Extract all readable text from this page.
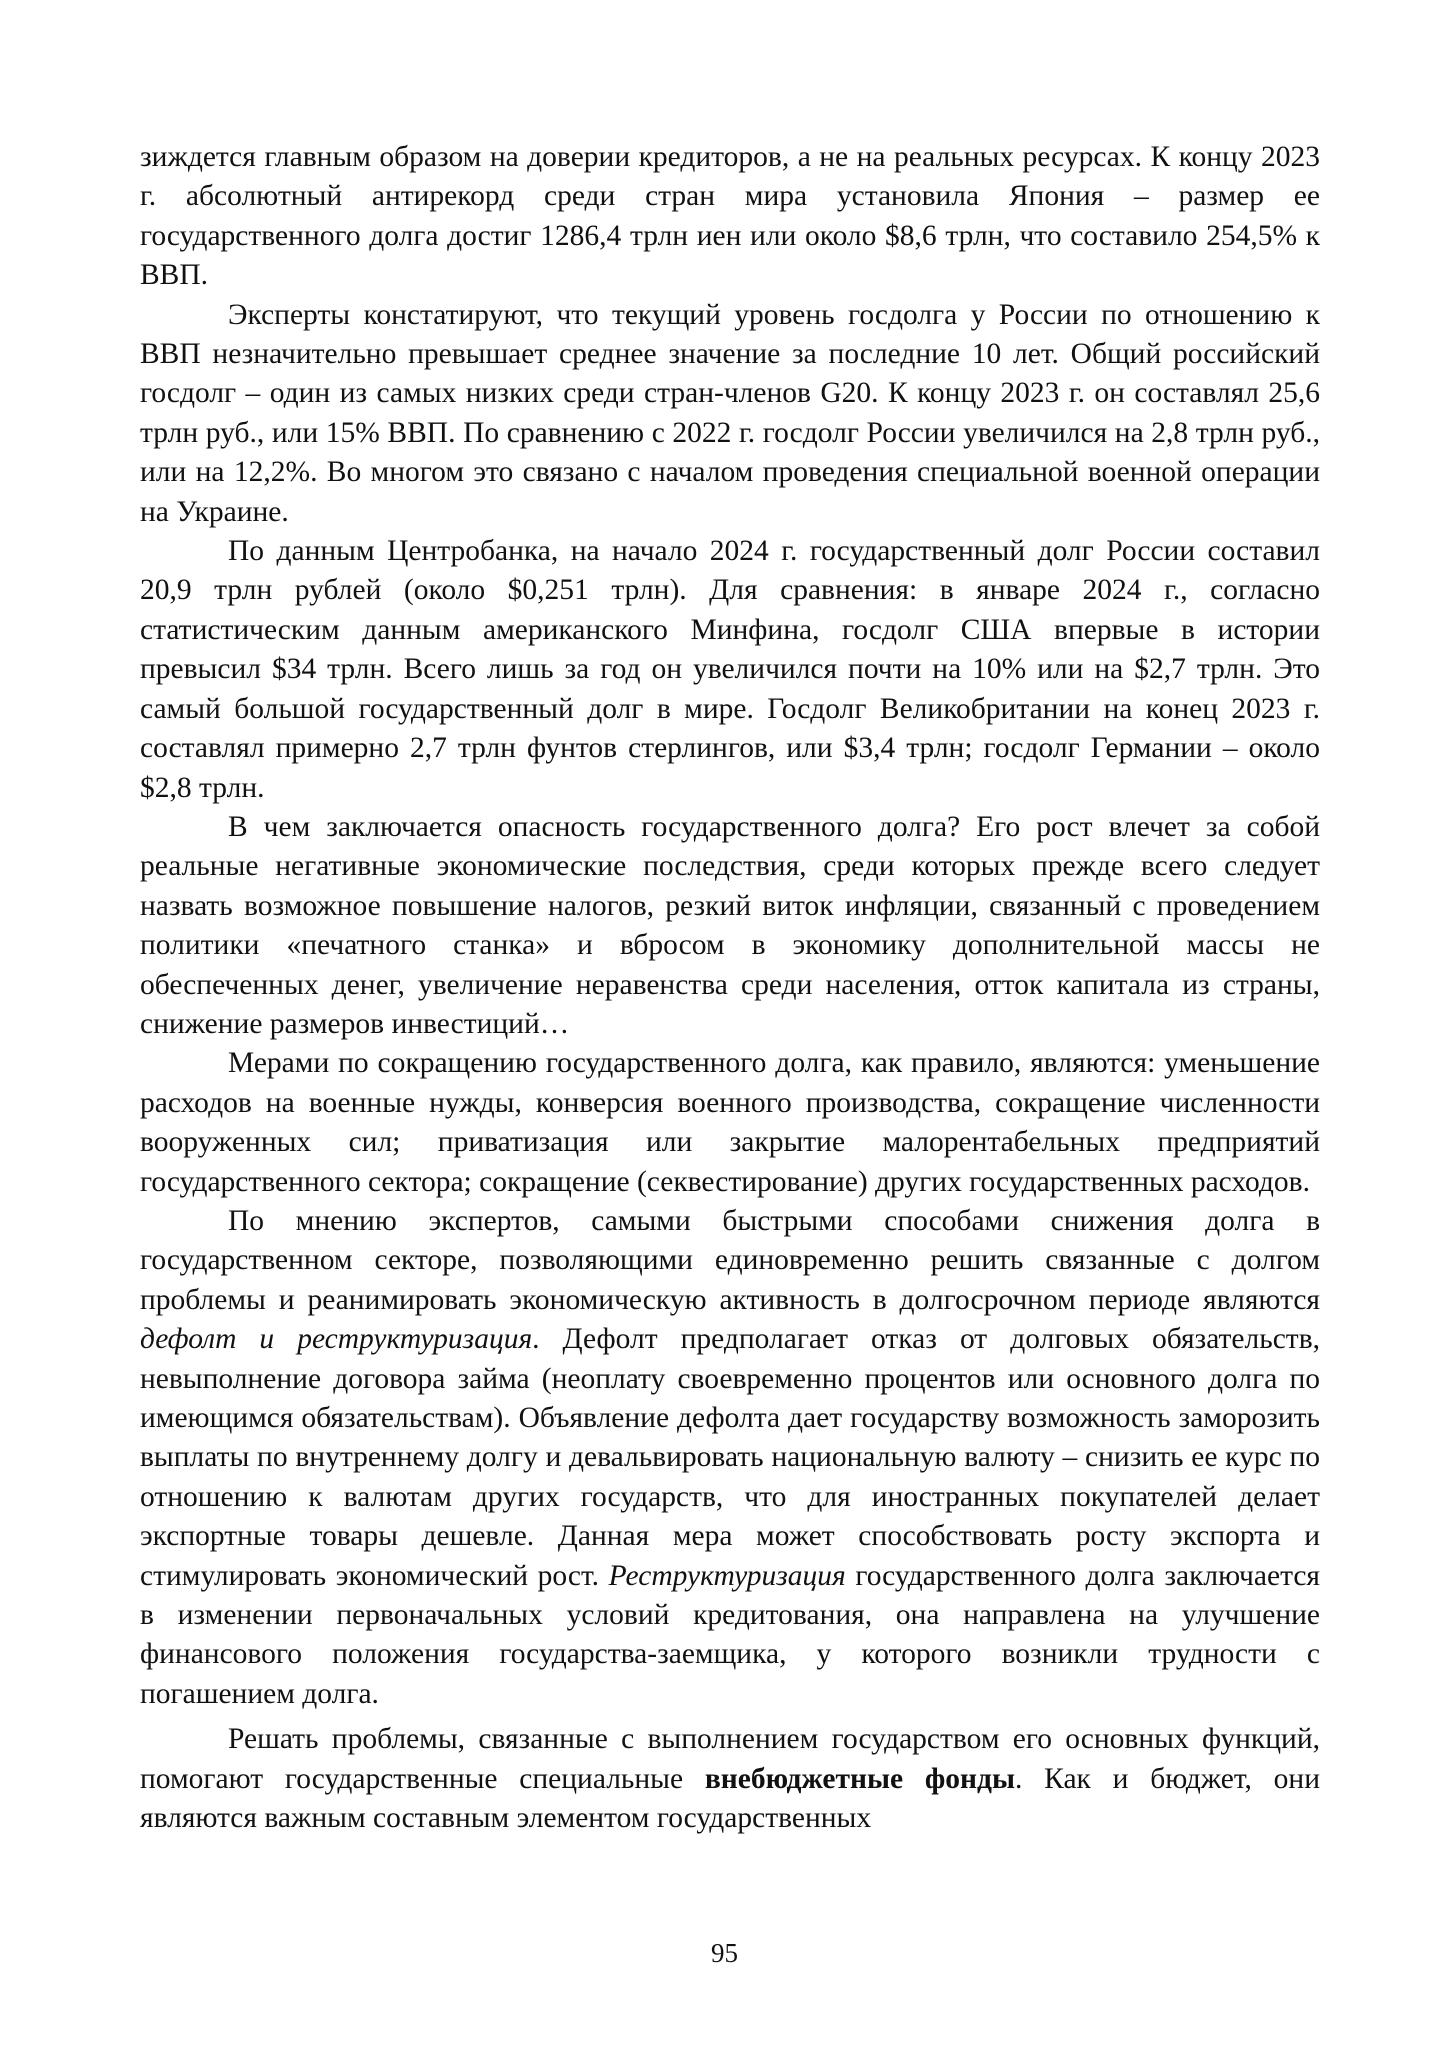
зиждется главным образом на доверии кредиторов, а не на реальных ресурсах. К концу 2023 г. абсолютный антирекорд среди стран мира установила Япония – размер ее государственного долга достиг 1286,4 трлн иен или около $8,6 трлн, что составило 254,5% к ВВП.

Эксперты констатируют, что текущий уровень госдолга у России по отношению к ВВП незначительно превышает среднее значение за последние 10 лет. Общий российский госдолг – один из самых низких среди стран-членов G20. К концу 2023 г. он составлял 25,6 трлн руб., или 15% ВВП. По сравнению с 2022 г. госдолг России увеличился на 2,8 трлн руб., или на 12,2%. Во многом это связано с началом проведения специальной военной операции на Украине.

По данным Центробанка, на начало 2024 г. государственный долг России составил 20,9 трлн рублей (около $0,251 трлн). Для сравнения: в январе 2024 г., согласно статистическим данным американского Минфина, госдолг США впервые в истории превысил $34 трлн. Всего лишь за год он увеличился почти на 10% или на $2,7 трлн. Это самый большой государственный долг в мире. Госдолг Великобритании на конец 2023 г. составлял примерно 2,7 трлн фунтов стерлингов, или $3,4 трлн; госдолг Германии – около $2,8 трлн.

В чем заключается опасность государственного долга? Его рост влечет за собой реальные негативные экономические последствия, среди которых прежде всего следует назвать возможное повышение налогов, резкий виток инфляции, связанный с проведением политики «печатного станка» и вбросом в экономику дополнительной массы не обеспеченных денег, увеличение неравенства среди населения, отток капитала из страны, снижение размеров инвестиций…

Мерами по сокращению государственного долга, как правило, являются: уменьшение расходов на военные нужды, конверсия военного производства, сокращение численности вооруженных сил; приватизация или закрытие малорентабельных предприятий государственного сектора; сокращение (секвестирование) других государственных расходов.

По мнению экспертов, самыми быстрыми способами снижения долга в государственном секторе, позволяющими единовременно решить связанные с долгом проблемы и реанимировать экономическую активность в долгосрочном периоде являются дефолт и реструктуризация. Дефолт предполагает отказ от долговых обязательств, невыполнение договора займа (неоплату своевременно процентов или основного долга по имеющимся обязательствам). Объявление дефолта дает государству возможность заморозить выплаты по внутреннему долгу и девальвировать национальную валюту – снизить ее курс по отношению к валютам других государств, что для иностранных покупателей делает экспортные товары дешевле. Данная мера может способствовать росту экспорта и стимулировать экономический рост. Реструктуризация государственного долга заключается в изменении первоначальных условий кредитования, она направлена на улучшение финансового положения государства-заемщика, у которого возникли трудности с погашением долга.

Решать проблемы, связанные с выполнением государством его основных функций, помогают государственные специальные внебюджетные фонды. Как и бюджет, они являются важным составным элементом государственных

95
